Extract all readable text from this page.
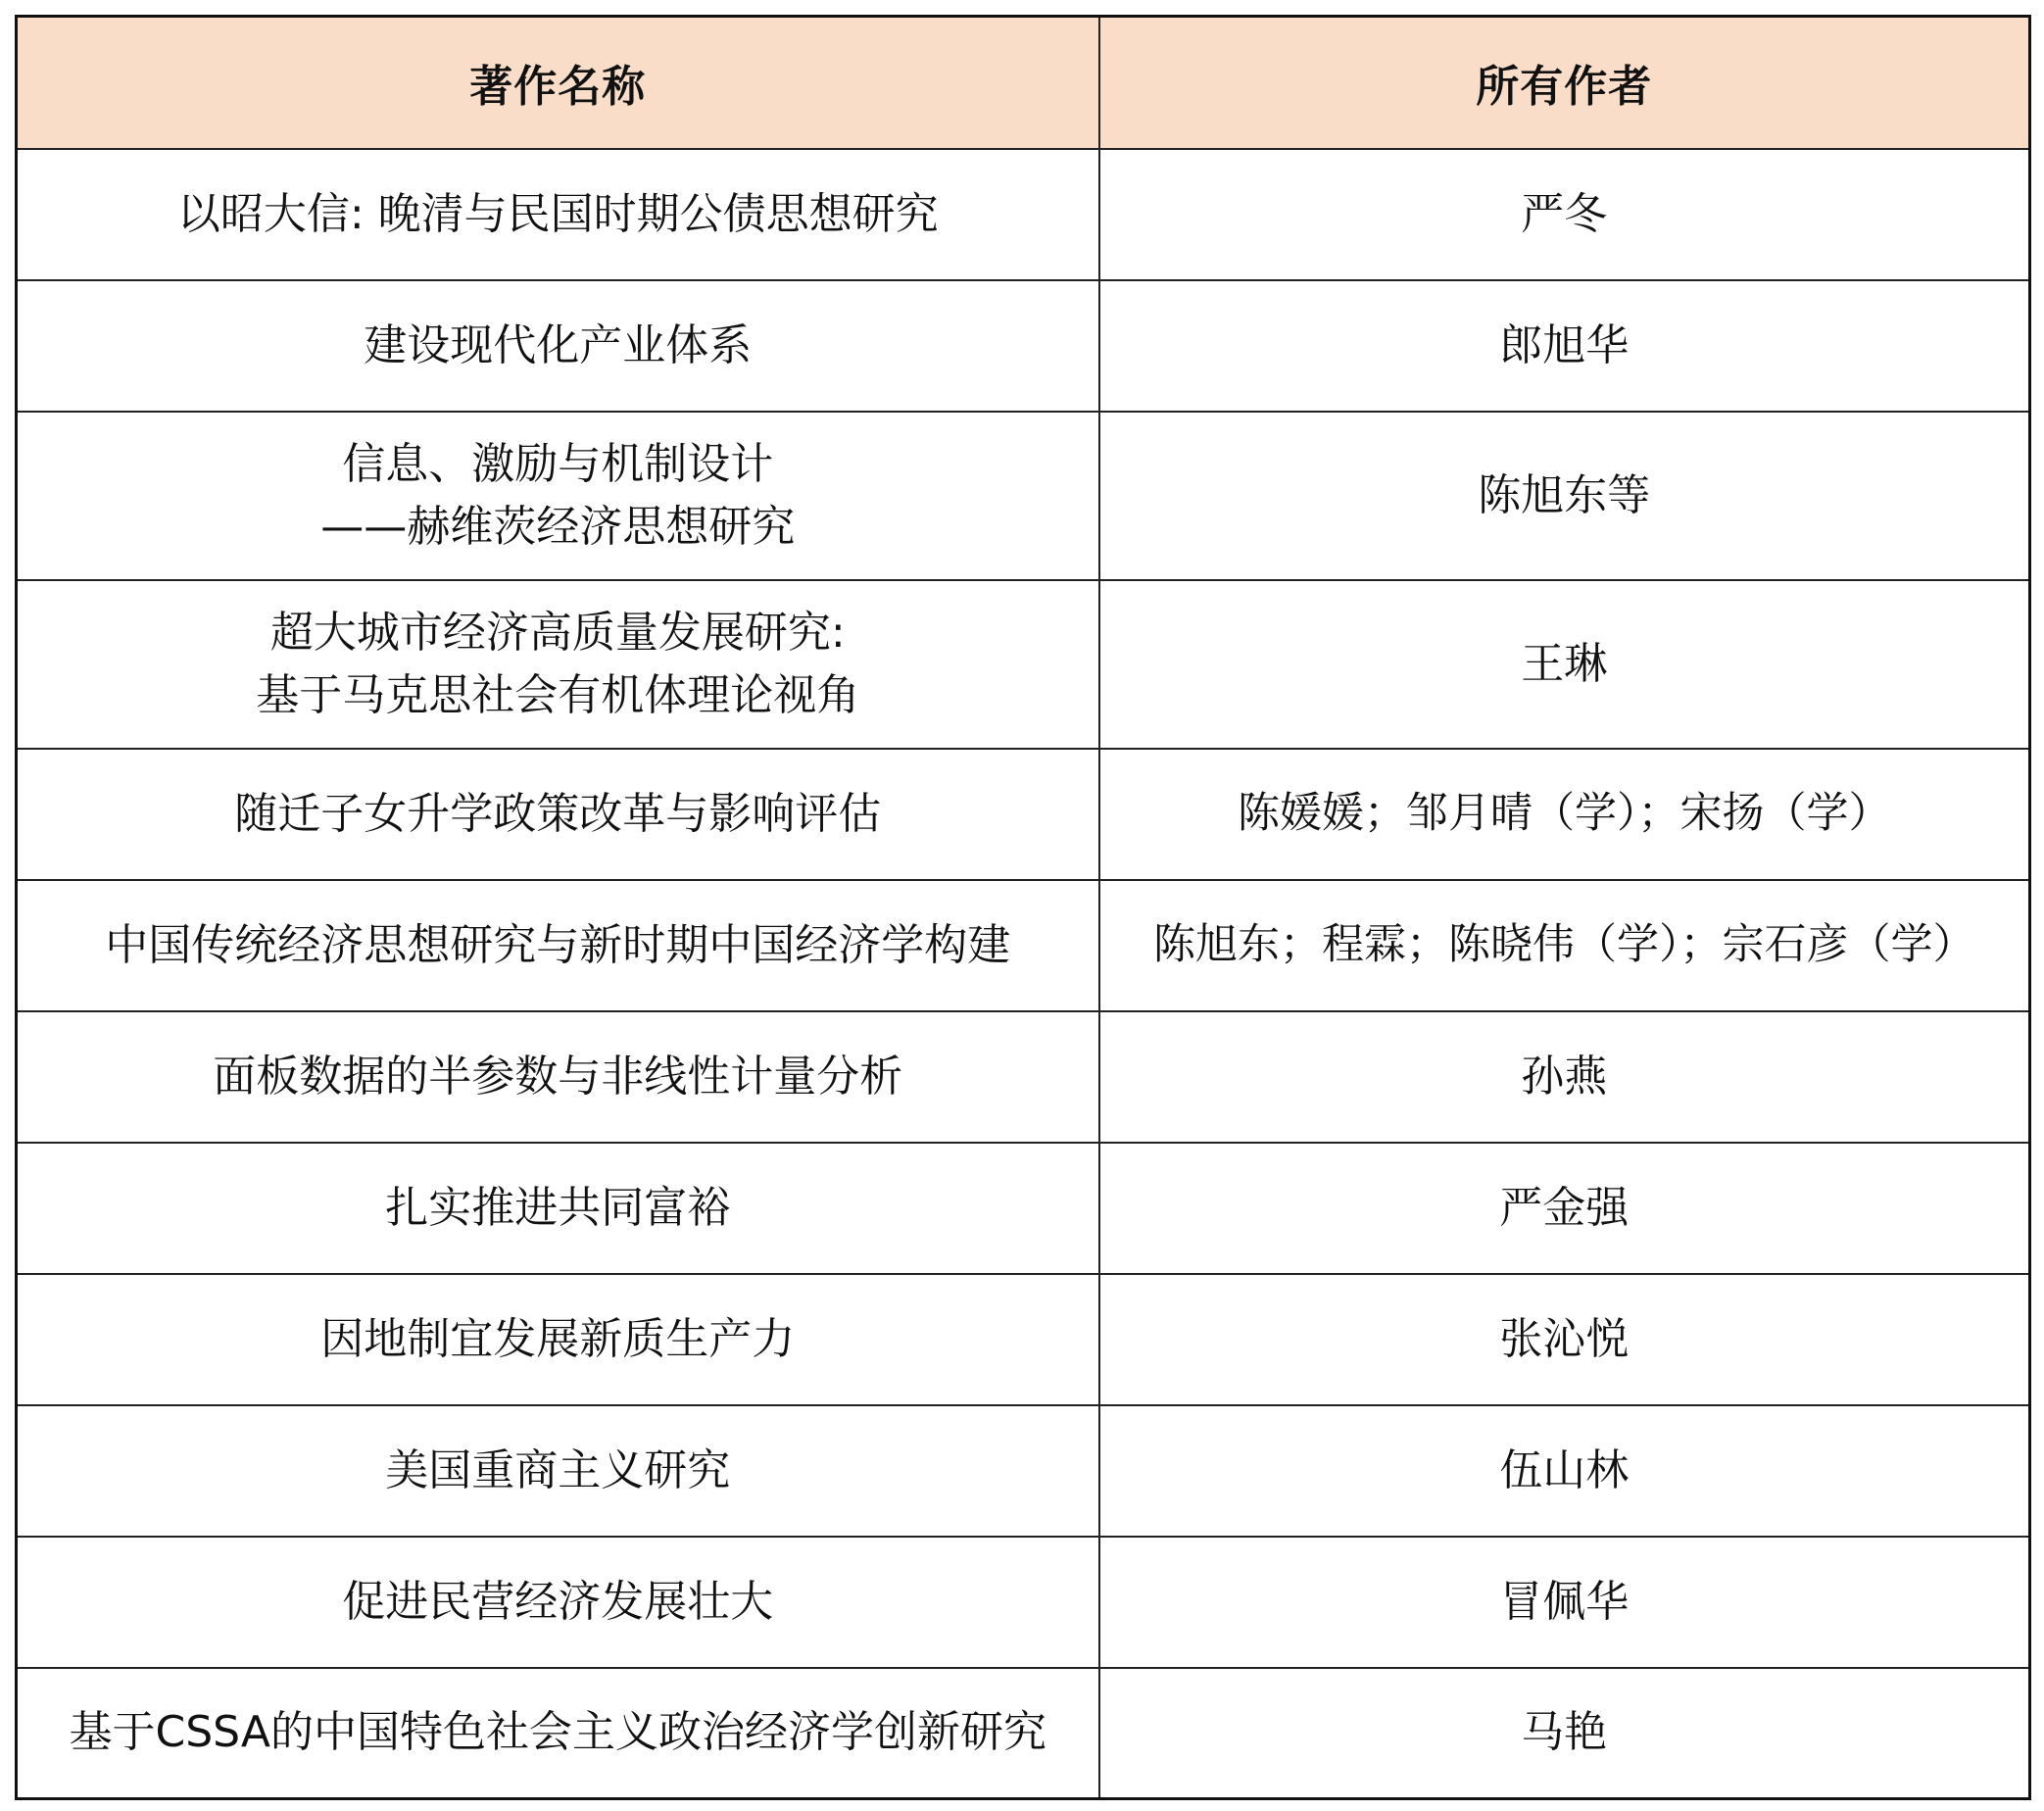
著作名称	所有作者

以昭大信: 晚清与民国时期公债思想研究	严冬

建设现代化产业体系	郎旭华

信息、激励与机制设计
——赫维茨经济思想研究	陈旭东等

超大城市经济高质量发展研究:
基于马克思社会有机体理论视角	王琳

随迁子女升学政策改革与影响评估	陈媛媛；邹月晴（学）；宋扬（学）

中国传统经济思想研究与新时期中国经济学构建	陈旭东；程霖；陈晓伟（学）；宗石彦（学）

面板数据的半参数与非线性计量分析	孙燕

扎实推进共同富裕	严金强

因地制宜发展新质生产力	张沁悦

美国重商主义研究	伍山林

促进民营经济发展壮大	冒佩华

基于CSSA的中国特色社会主义政治经济学创新研究	马艳
